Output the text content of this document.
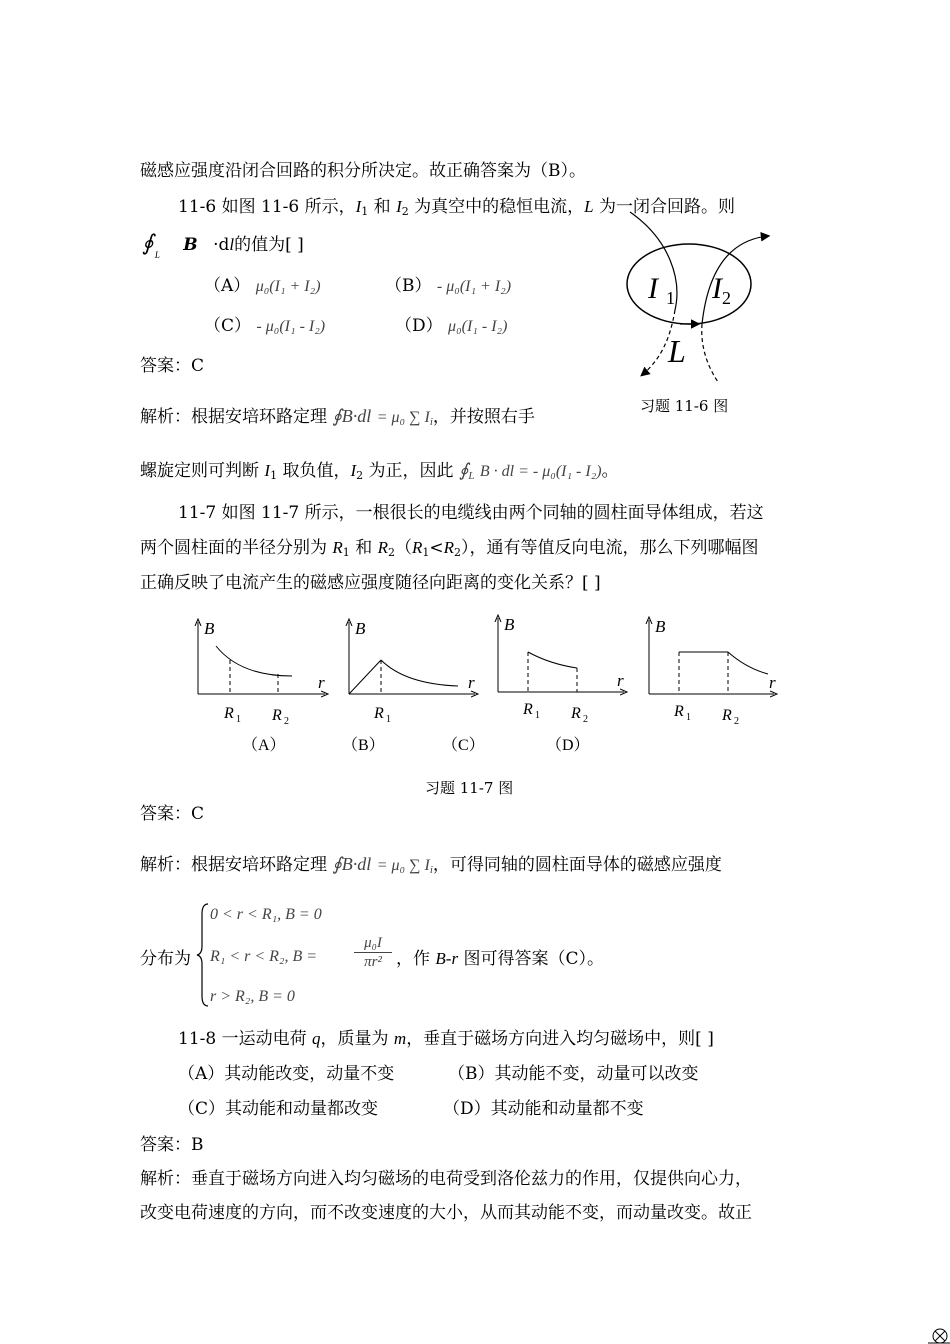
磁感应强度沿闭合回路的积分所决定。故正确答案为（B）。
11-6 如图 11-6 所示，$I_1$ 和 $I_2$ 为真空中的稳恒电流，L 为一闭合回路。则
∮ $_L$ B ·dl的值为[ ]
（A） μ₀(I₁ + I₂)	（B） - μ₀(I₁ + I₂)
（C） - μ₀(I₁ - I₂)	（D） μ₀(I₁ - I₂)
I 1 I 2
L
答案：C
习题 11-6 图
解析：根据安培环路定理 ∮B·dl = μ₀ ∑ $I_i$，并按照右手
螺旋定则可判断 $I_1$ 取负值，$I_2$ 为正，因此 $∮_L$ B · dl = - μ₀(I₁ - I₂)。
11-7 如图 11-7 所示，一根很长的电缆线由两个同轴的圆柱面导体组成，若这
两个圆柱面的半径分别为 $R_1$ 和 $R_2(R_1<R_2)$，通有等值反向电流，那么下列哪幅图
正确反映了电流产生的磁感应强度随径向距离的变化关系？[ ]
B
r
R 1 R 2
B
r
R 1
B
r
R 1 R 2
B
r
R 1 R 2
（A）	（B）	（C）	（D）
习题 11-7 图
答案：C
解析：根据安培环路定理 ∮B·dl = μ₀ ∑ $I_i$，可得同轴的圆柱面导体的磁感应强度
分布为
0 < r < R₁, B = 0
R₁ < r < R₂, B =
μ₀I
πr² ，作 B-r 图可得答案（C）。
r > R₂, B = 0
11-8 一运动电荷 q，质量为 m，垂直于磁场方向进入均匀磁场中，则[ ]
（A）其动能改变，动量不变	（B）其动能不变，动量可以改变
（C）其动能和动量都改变	（D）其动能和动量都不变
答案：B
解析：垂直于磁场方向进入均匀磁场的电荷受到洛伦兹力的作用，仅提供向心力，
改变电荷速度的方向，而不改变速度的大小，从而其动能不变，而动量改变。故正
